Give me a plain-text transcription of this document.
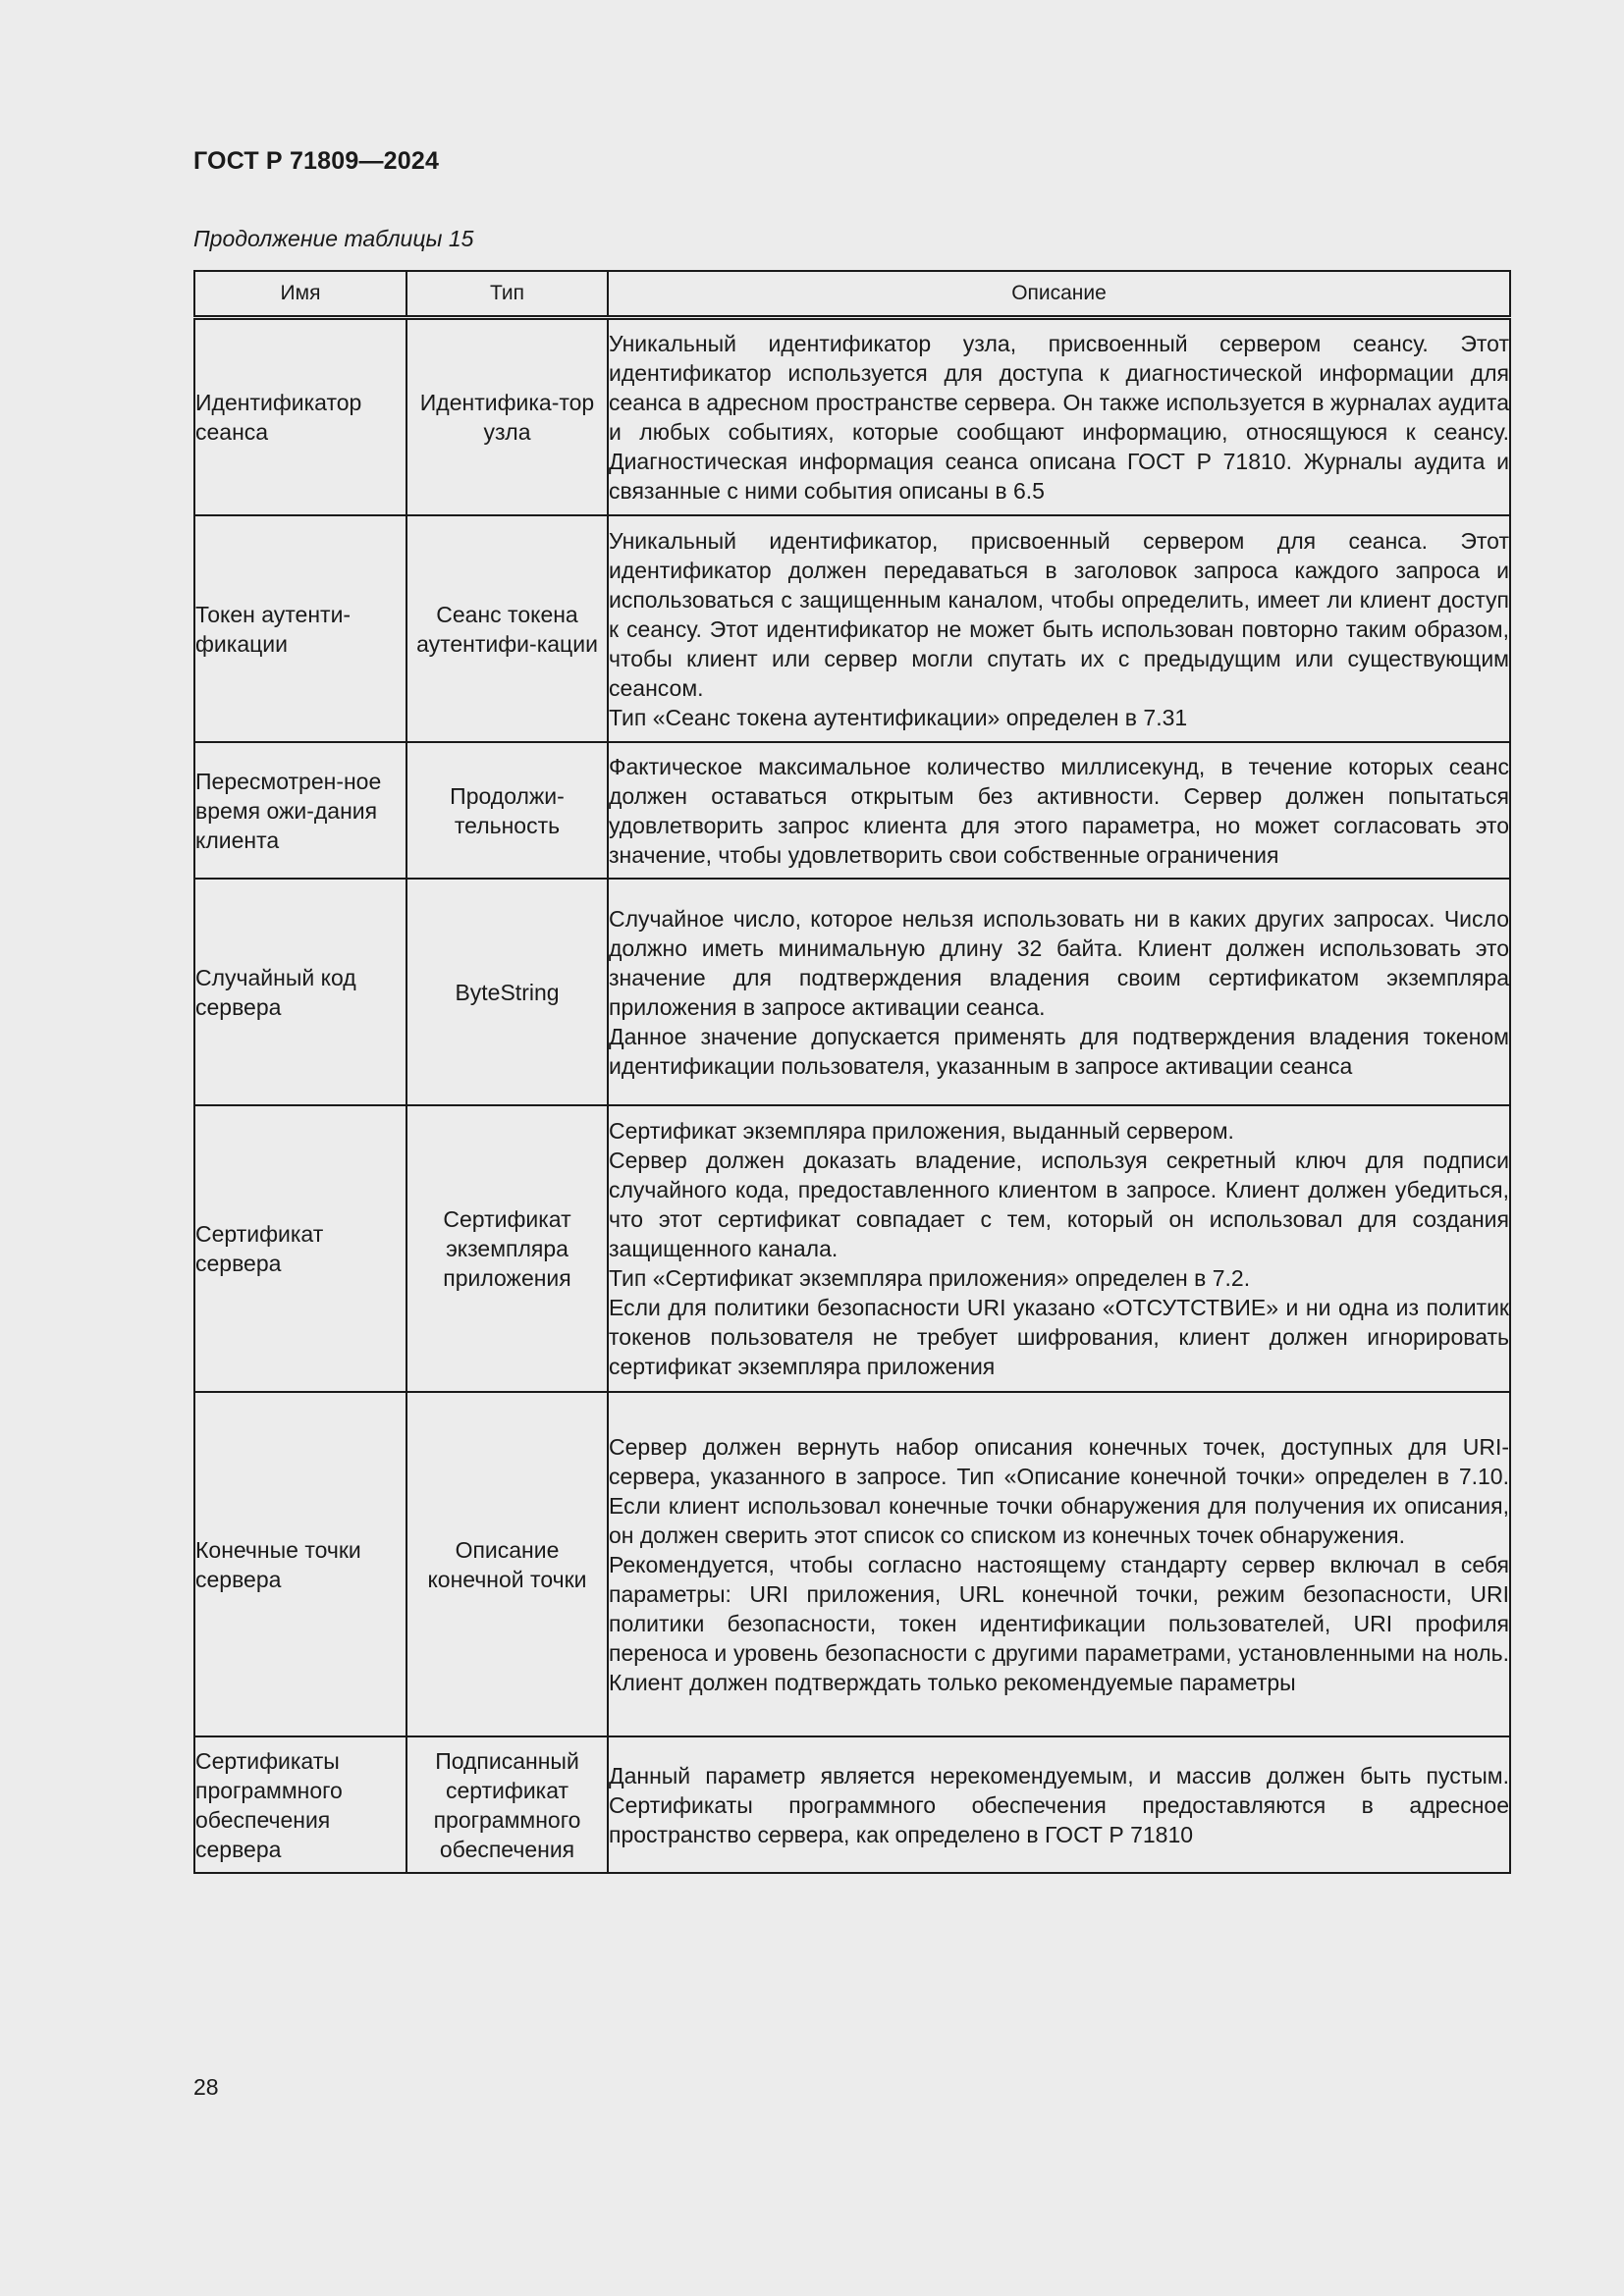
ГОСТ Р 71809—2024
Продолжение таблицы 15
Имя	Тип	Описание
Идентификатор сеанса	Идентифика-тор узла	Уникальный идентификатор узла, присвоенный сервером сеансу. Этот идентификатор используется для доступа к диагностической информации для сеанса в адресном пространстве сервера. Он также используется в журналах аудита и любых событиях, которые сообщают информацию, относящуюся к сеансу. Диагностическая информация сеанса описана ГОСТ Р 71810. Журналы аудита и связанные с ними события описаны в 6.5

Токен аутенти-фикации	Сеанс токена аутентифи-кации	Уникальный идентификатор, присвоенный сервером для сеанса. Этот идентификатор должен передаваться в заголовок запроса каждого запроса и использоваться с защищенным каналом, чтобы определить, имеет ли клиент доступ к сеансу. Этот идентификатор не может быть использован повторно таким образом, чтобы клиент или сервер могли спутать их с предыдущим или существующим сеансом.

Тип «Сеанс токена аутентификации» определен в 7.31

Пересмотрен-ное время ожи-дания клиента	Продолжи-тельность	Фактическое максимальное количество миллисекунд, в течение которых сеанс должен оставаться открытым без активности. Сервер должен попытаться удовлетворить запрос клиента для этого параметра, но может согласовать это значение, чтобы удовлетворить свои собственные ограничения

Случайный код сервера	ByteString	Случайное число, которое нельзя использовать ни в каких других запросах. Число должно иметь минимальную длину 32 байта. Клиент должен использовать это значение для подтверждения владения своим сертификатом экземпляра приложения в запросе активации сеанса.

Данное значение допускается применять для подтверждения владения токеном идентификации пользователя, указанным в запросе активации сеанса

Сертификат сервера	Сертификат экземпляра приложения	Сертификат экземпляра приложения, выданный сервером.

Сервер должен доказать владение, используя секретный ключ для подписи случайного кода, предоставленного клиентом в запросе. Клиент должен убедиться, что этот сертификат совпадает с тем, который он использовал для создания защищенного канала.

Тип «Сертификат экземпляра приложения» определен в 7.2.

Если для политики безопасности URI указано «ОТСУТСТВИЕ» и ни одна из политик токенов пользователя не требует шифрования, клиент должен игнорировать сертификат экземпляра приложения

Конечные точки сервера	Описание конечной точки	Сервер должен вернуть набор описания конечных точек, доступных для URI-сервера, указанного в запросе. Тип «Описание конечной точки» определен в 7.10. Если клиент использовал конечные точки обнаружения для получения их описания, он должен сверить этот список со списком из конечных точек обнаружения.

Рекомендуется, чтобы согласно настоящему стандарту сервер включал в себя параметры: URI приложения, URL конечной точки, режим безопасности, URI политики безопасности, токен идентификации пользователей, URI профиля переноса и уровень безопасности с другими параметрами, установленными на ноль. Клиент должен подтверждать только рекомендуемые параметры

Сертификаты программного обеспечения сервера	Подписанный сертификат программного обеспечения	Данный параметр является нерекомендуемым, и массив должен быть пустым. Сертификаты программного обеспечения предоставляются в адресное пространство сервера, как определено в ГОСТ Р 71810

28
